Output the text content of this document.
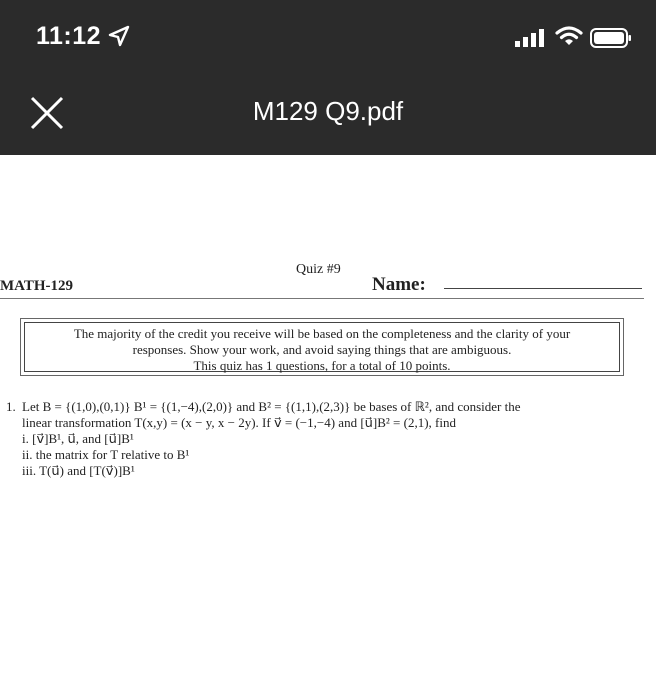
11:12
M129 Q9.pdf
Quiz #9
MATH-129	Name:
The majority of the credit you receive will be based on the completeness and the clarity of your
responses. Show your work, and avoid saying things that are ambiguous.
This quiz has 1 questions, for a total of 10 points.
1. Let B = {(1,0),(0,1)} B¹ = {(1,−4),(2,0)} and B² = {(1,1),(2,3)} be bases of ℝ², and consider the
linear transformation T(x,y) = (x − y, x − 2y). If v⃗ = (−1,−4) and [u⃗]B² = (2,1), find
i. [v⃗]B¹, u⃗, and [u⃗]B¹
ii. the matrix for T relative to B¹
iii. T(u⃗) and [T(v⃗)]B¹
